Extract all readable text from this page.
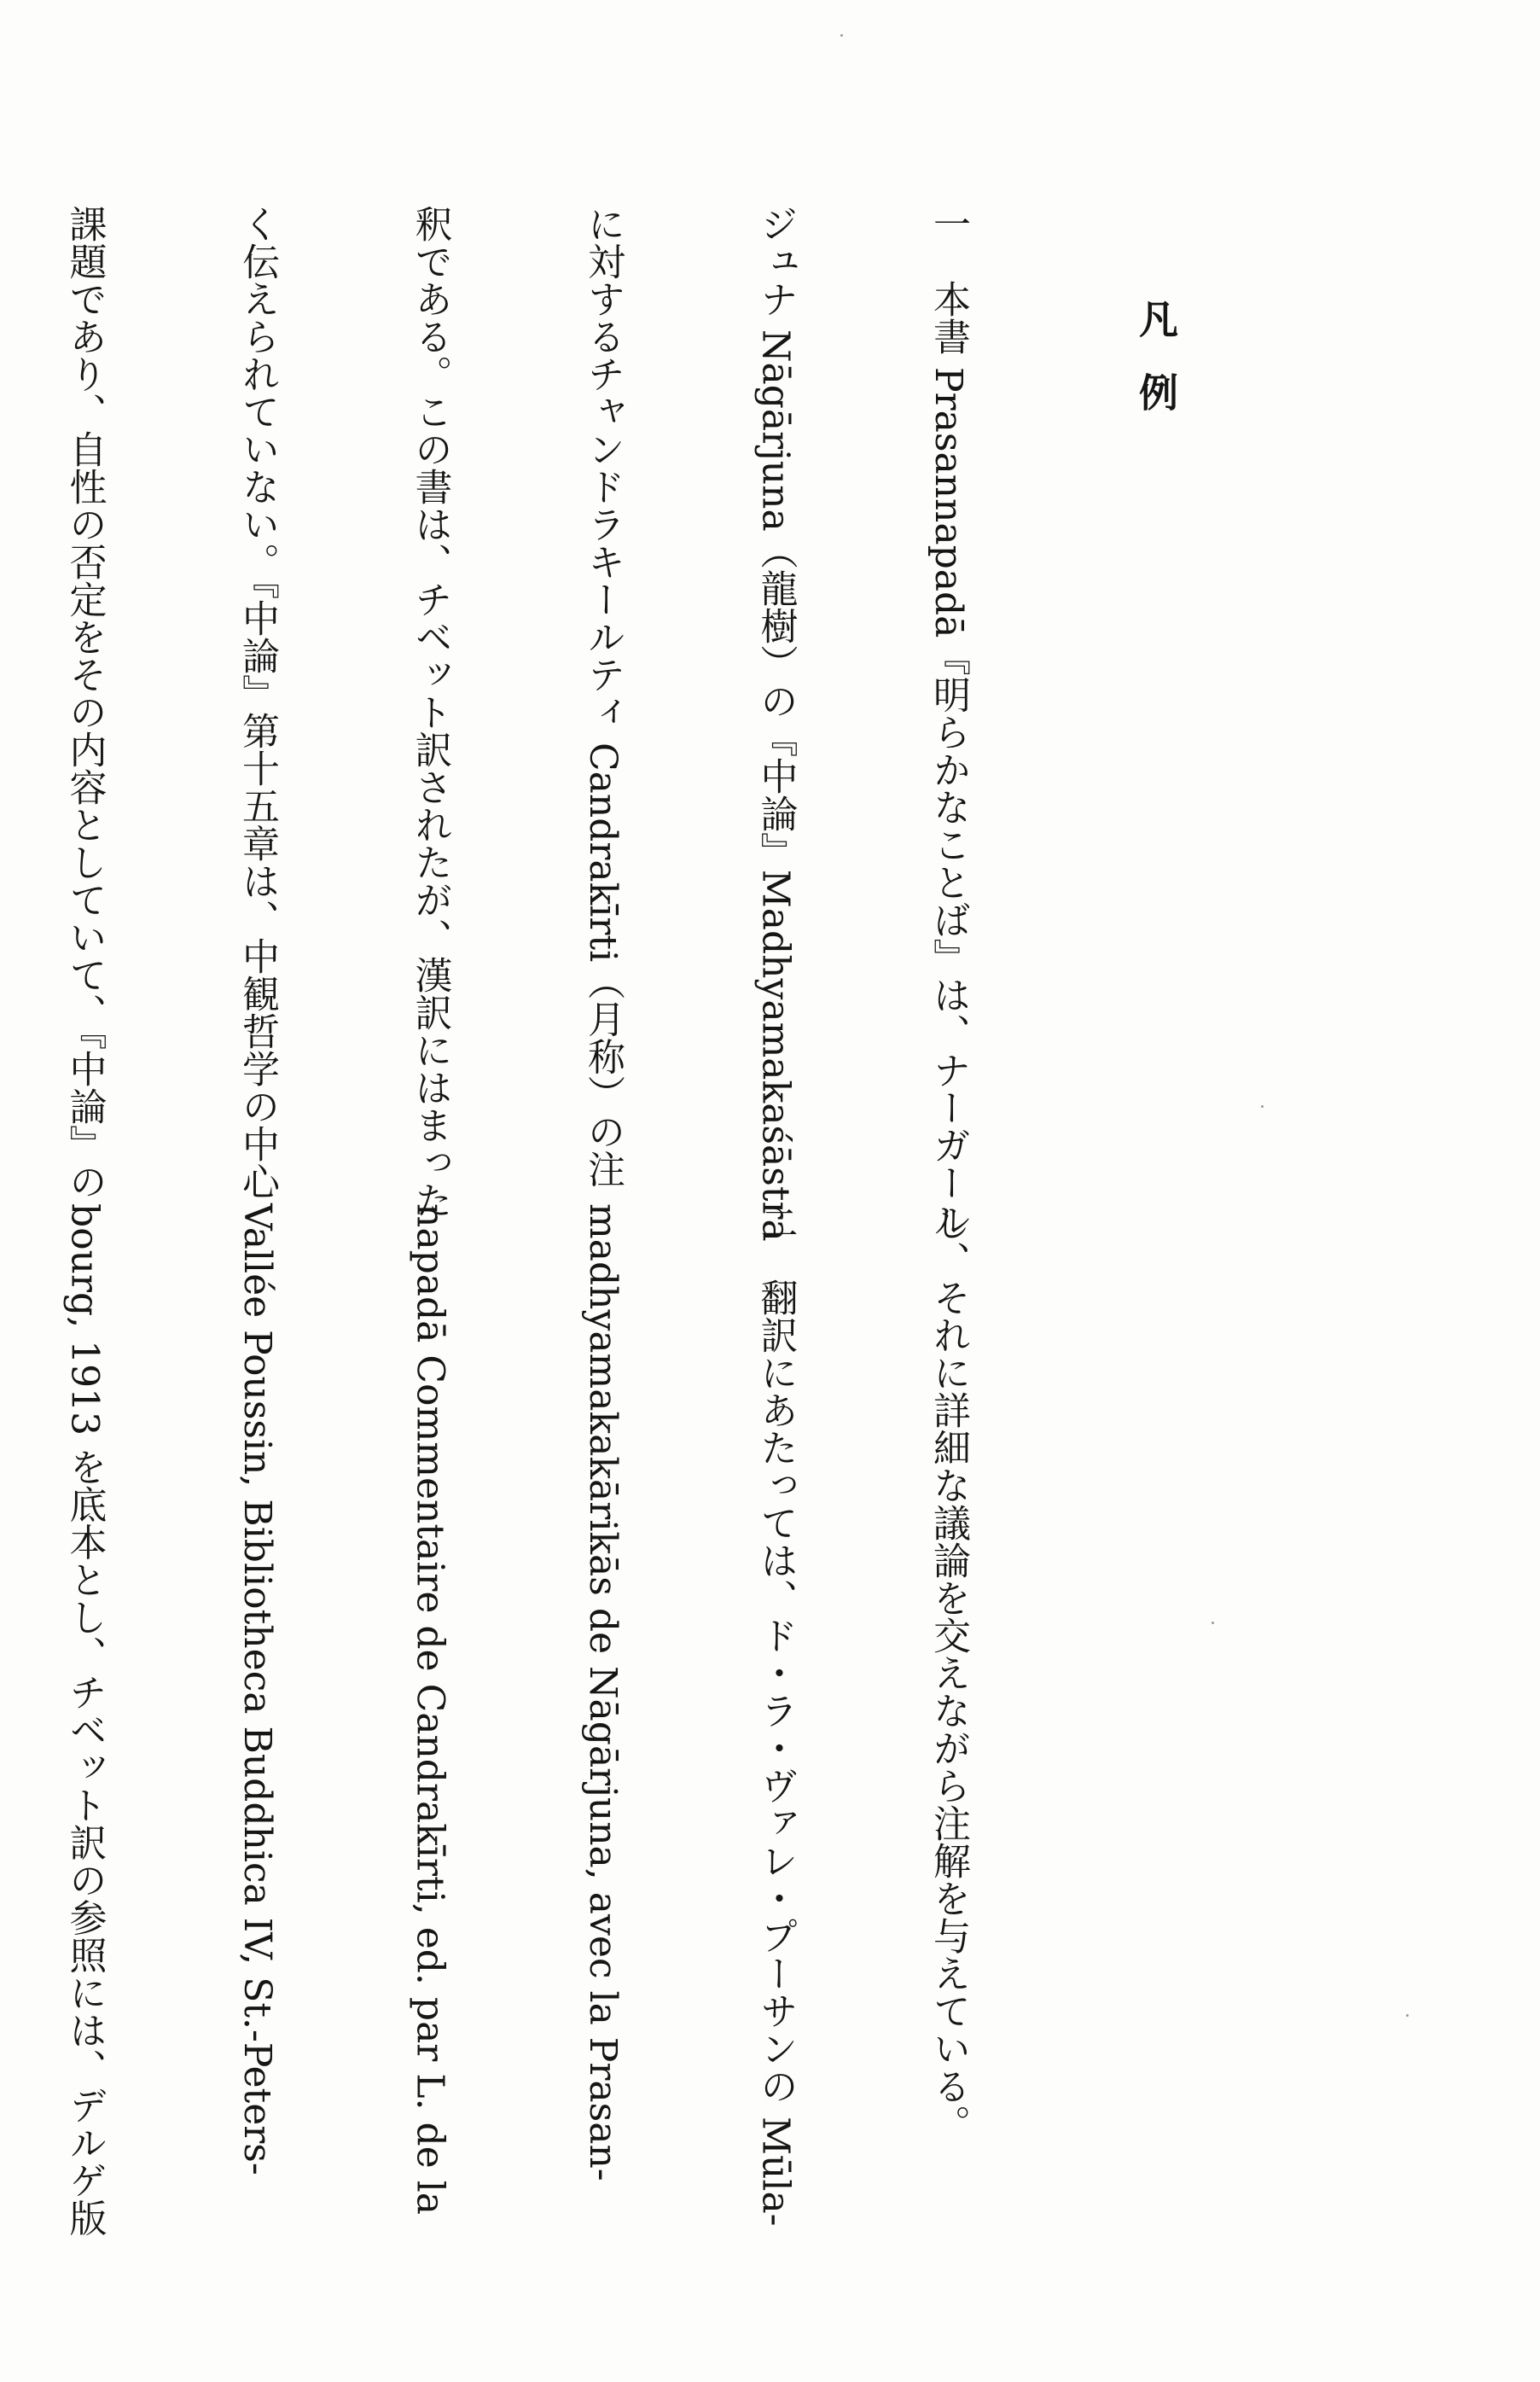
凡例

一　本書 Prasannapadā『明らかなことば』は、ナーガール

ジュナ Nāgārjuna（龍樹）の『中論』Madhyamakaśāstra

に対するチャンドラキールティ Candrakīrti（月称）の注

釈である。この書は、チベット訳されたが、漢訳にはまった

く伝えられていない。『中論』第十五章は、中観哲学の中心

課題であり、自性の否定をその内容としていて、『中論』の

し、それに詳細な議論を交えながら注解を与えている。

二　翻訳にあたっては、ド・ラ・ヴァレ・プーサンの Mūla-

madhyamakakārikās de Nāgārjuna, avec la Prasan-

napadā Commentaire de Candrakīrti, ed. par L. de la

Vallée Poussin, Bibliotheca Buddhica IV, St.-Peters-

bourg, 1913 を底本とし、チベット訳の参照には、デルゲ版
